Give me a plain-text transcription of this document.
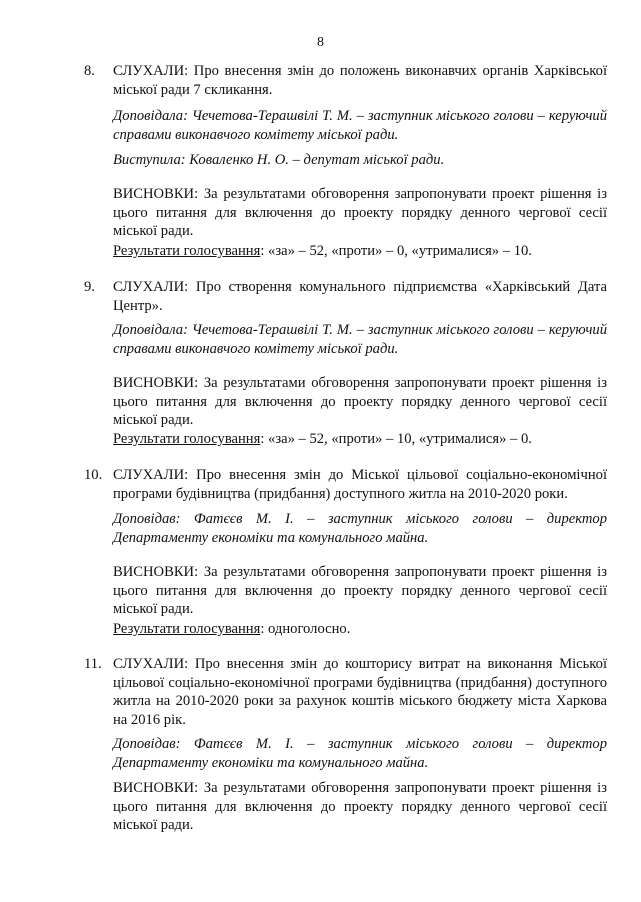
8
8. СЛУХАЛИ: Про внесення змін до положень виконавчих органів Харківської міської ради 7 скликання.

Доповідала: Чечетова-Терашвілі Т. М. – заступник міського голови – керуючий справами виконавчого комітету міської ради.

Виступила: Коваленко Н. О. – депутат міської ради.

ВИСНОВКИ: За результатами обговорення запропонувати проект рішення із цього питання для включення до проекту порядку денного чергової сесії міської ради.

Результати голосування: «за» – 52, «проти» – 0, «утрималися» – 10.

9. СЛУХАЛИ: Про створення комунального підприємства «Харківський Дата Центр».

Доповідала: Чечетова-Терашвілі Т. М. – заступник міського голови – керуючий справами виконавчого комітету міської ради.

ВИСНОВКИ: За результатами обговорення запропонувати проект рішення із цього питання для включення до проекту порядку денного чергової сесії міської ради.

Результати голосування: «за» – 52, «проти» – 10, «утрималися» – 0.

10. СЛУХАЛИ: Про внесення змін до Міської цільової соціально-економічної програми будівництва (придбання) доступного житла на 2010-2020 роки.

Доповідав: Фатєєв М. І. – заступник міського голови – директор Департаменту економіки та комунального майна.

ВИСНОВКИ: За результатами обговорення запропонувати проект рішення із цього питання для включення до проекту порядку денного чергової сесії міської ради.

Результати голосування: одноголосно.

11. СЛУХАЛИ: Про внесення змін до кошторису витрат на виконання Міської цільової соціально-економічної програми будівництва (придбання) доступного житла на 2010-2020 роки за рахунок коштів міського бюджету міста Харкова на 2016 рік.

Доповідав: Фатєєв М. І. – заступник міського голови – директор Департаменту економіки та комунального майна.

ВИСНОВКИ: За результатами обговорення запропонувати проект рішення із цього питання для включення до проекту порядку денного чергової сесії міської ради.
